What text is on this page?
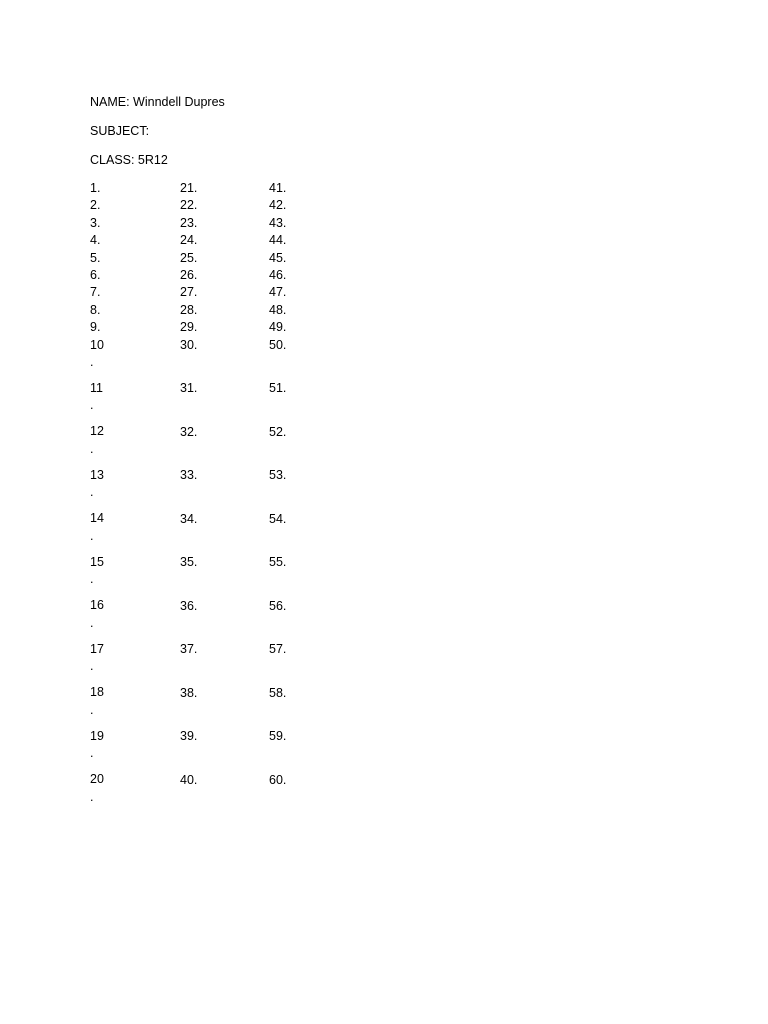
NAME: Winndell Dupres
SUBJECT:
CLASS: 5R12
1.
2.
3.
4.
5.
6.
7.
8.
9.
10
.
11
.
12
.
13
.
14
.
15
.
16
.
17
.
18
.
19
.
20
.
21.
22.
23.
24.
25.
26.
27.
28.
29.
30.
31.
32.
33.
34.
35.
36.
37.
38.
39.
40.
41.
42.
43.
44.
45.
46.
47.
48.
49.
50.
51.
52.
53.
54.
55.
56.
57.
58.
59.
60.
